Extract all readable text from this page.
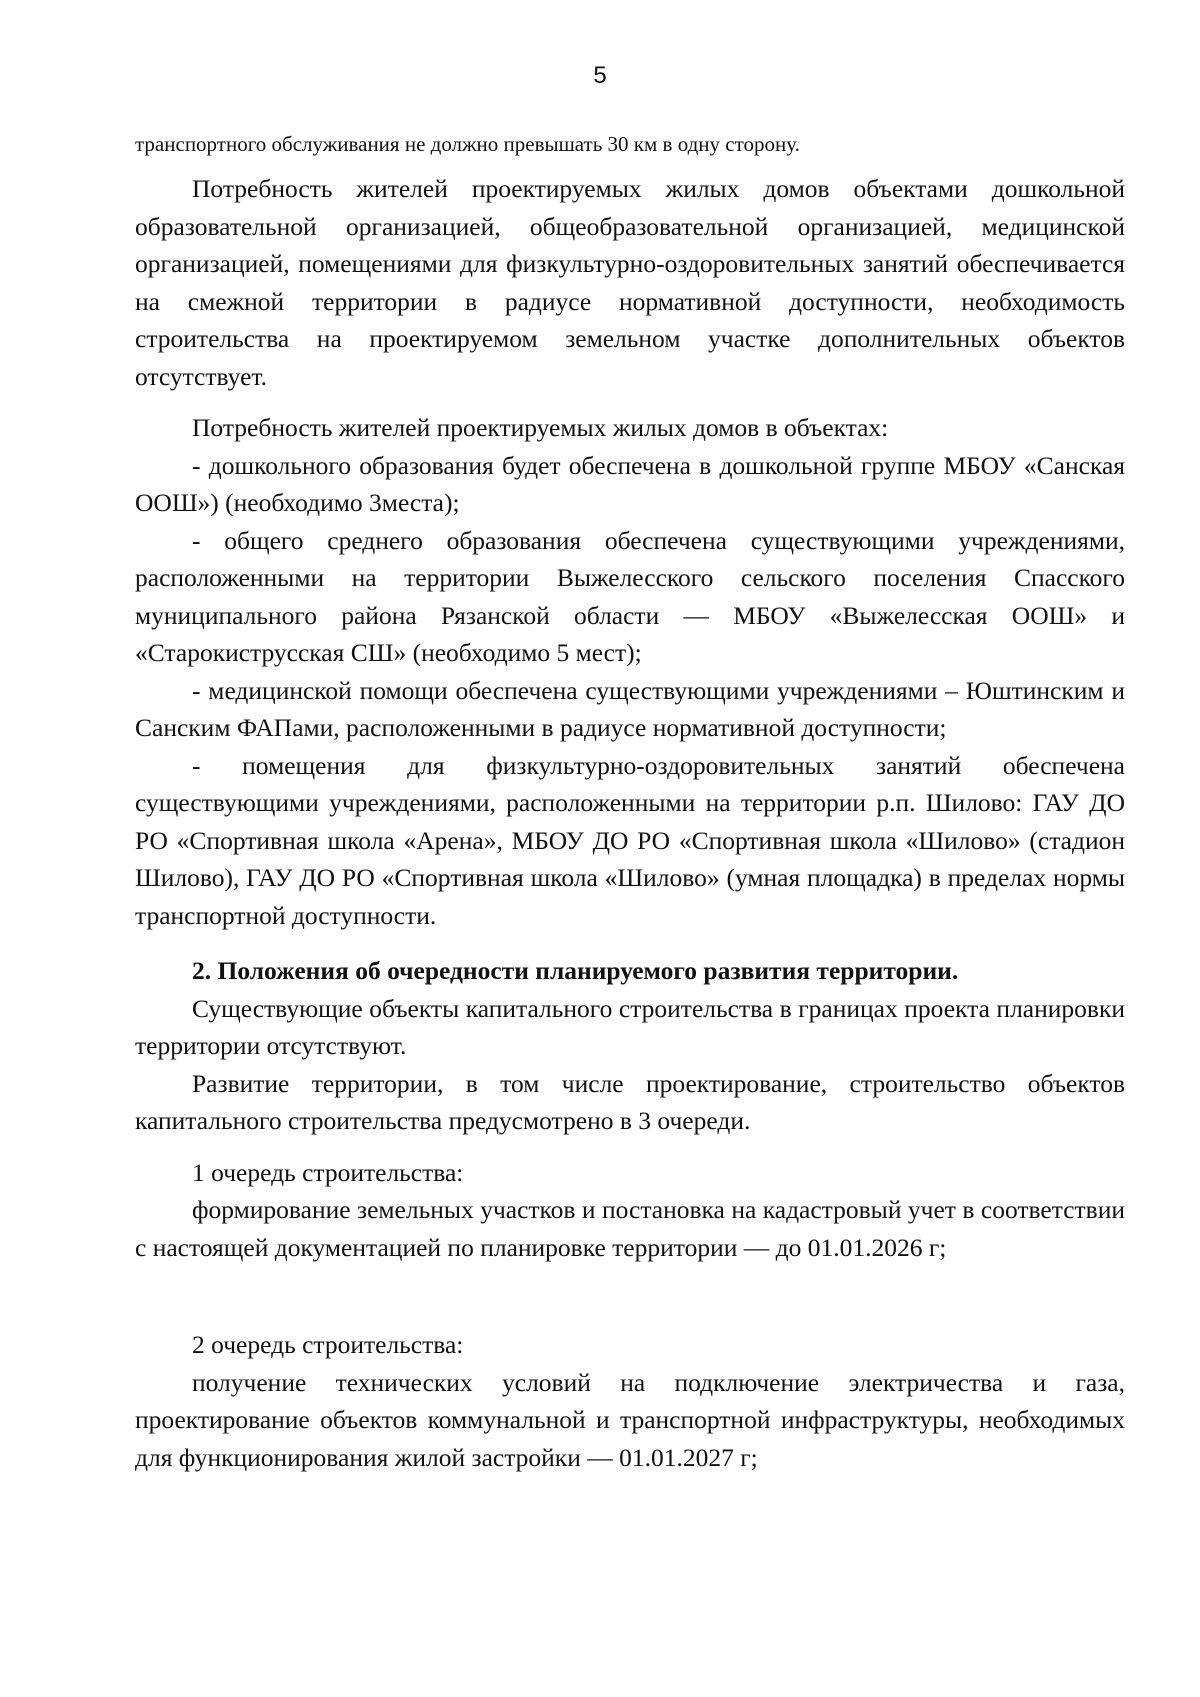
5

транспортного обслуживания не должно превышать 30 км в одну сторону.

Потребность жителей проектируемых жилых домов объектами дошкольной образовательной организацией, общеобразовательной организацией, медицинской организацией, помещениями для физкультурно-оздоровительных занятий обеспечивается на смежной территории в радиусе нормативной доступности, необходимость строительства на проектируемом земельном участке дополнительных объектов отсутствует.

Потребность жителей проектируемых жилых домов в объектах:

- дошкольного образования будет обеспечена в дошкольной группе МБОУ «Санская ООШ») (необходимо 3места);

- общего среднего образования обеспечена существующими учреждениями, расположенными на территории Выжелесского сельского поселения Спасского муниципального района Рязанской области — МБОУ «Выжелесская ООШ» и «Старокиструсская СШ» (необходимо 5 мест);

- медицинской помощи обеспечена существующими учреждениями – Юштинским и Санским ФАПами, расположенными в радиусе нормативной доступности;

- помещения для физкультурно-оздоровительных занятий обеспечена существующими учреждениями, расположенными на территории р.п. Шилово: ГАУ ДО РО «Спортивная школа «Арена», МБОУ ДО РО «Спортивная школа «Шилово» (стадион Шилово), ГАУ ДО РО «Спортивная школа «Шилово» (умная площадка) в пределах нормы транспортной доступности.

2. Положения об очередности планируемого развития территории.

Существующие объекты капитального строительства в границах проекта планировки территории отсутствуют.

Развитие территории, в том числе проектирование, строительство объектов капитального строительства предусмотрено в 3 очереди.

1 очередь строительства:

формирование земельных участков и постановка на кадастровый учет в соответствии с настоящей документацией по планировке территории — до 01.01.2026 г;

2 очередь строительства:

получение технических условий на подключение электричества и газа, проектирование объектов коммунальной и транспортной инфраструктуры, необходимых для функционирования жилой застройки — 01.01.2027 г;
